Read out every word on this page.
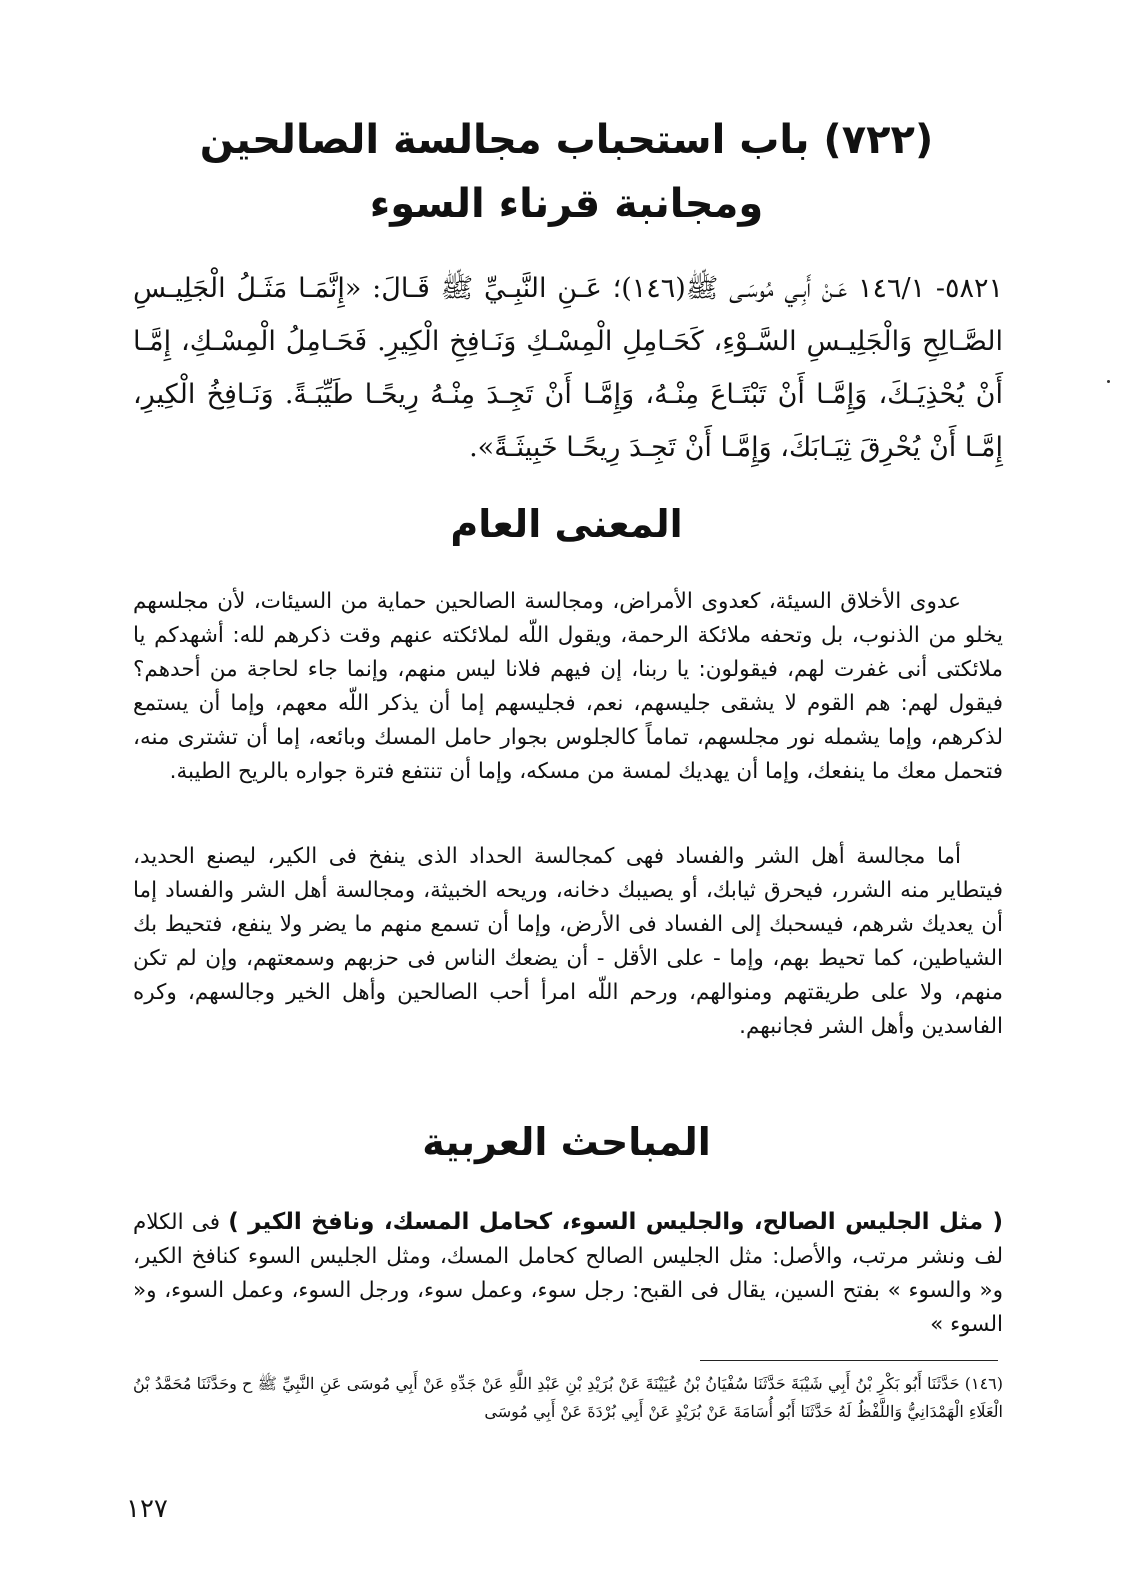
(٧٢٢) باب استحباب مجالسة الصالحين
ومجانبة قرناء السوء
٥٨٢١- ١٤٦/١ عَـنْ أَبِـي مُوسَـى ﷺ(١٤٦)؛ عَـنِ النَّبِـيِّ ﷺ قَـالَ: «إِنَّمَـا مَثَـلُ الْجَلِيـسِ الصَّـالِحِ وَالْجَلِيـسِ السَّـوْءِ، كَحَـامِلِ الْمِسْـكِ وَنَـافِخِ الْكِيرِ. فَحَـامِلُ الْمِسْـكِ، إِمَّـا أَنْ يُحْذِيَـكَ، وَإِمَّـا أَنْ تَبْتَـاعَ مِنْـهُ، وَإِمَّـا أَنْ تَجِـدَ مِنْـهُ رِيحًـا طَيِّبَـةً. وَنَـافِخُ الْكِيرِ، إِمَّـا أَنْ يُحْرِقَ ثِيَـابَكَ، وَإِمَّـا أَنْ تَجِـدَ رِيحًـا خَبِيثَـةً».
المعنى العام
عدوى الأخلاق السيئة، كعدوى الأمراض، ومجالسة الصالحين حماية من السيئات، لأن مجلسهم يخلو من الذنوب، بل وتحفه ملائكة الرحمة، ويقول اللّه لملائكته عنهم وقت ذكرهم لله: أشهدكم يا ملائكتى أنى غفرت لهم، فيقولون: يا ربنا، إن فيهم فلانا ليس منهم، وإنما جاء لحاجة من أحدهم؟ فيقول لهم: هم القوم لا يشقى جليسهم، نعم، فجليسهم إما أن يذكر اللّه معهم، وإما أن يستمع لذكرهم، وإما يشمله نور مجلسهم، تماماً كالجلوس بجوار حامل المسك وبائعه، إما أن تشترى منه، فتحمل معك ما ينفعك، وإما أن يهديك لمسة من مسكه، وإما أن تنتفع فترة جواره بالريح الطيبة.
أما مجالسة أهل الشر والفساد فهى كمجالسة الحداد الذى ينفخ فى الكير، ليصنع الحديد، فيتطاير منه الشرر، فيحرق ثيابك، أو يصيبك دخانه، وريحه الخبيثة، ومجالسة أهل الشر والفساد إما أن يعديك شرهم، فيسحبك إلى الفساد فى الأرض، وإما أن تسمع منهم ما يضر ولا ينفع، فتحيط بك الشياطين، كما تحيط بهم، وإما - على الأقل - أن يضعك الناس فى حزبهم وسمعتهم، وإن لم تكن منهم، ولا على طريقتهم ومنوالهم، ورحم اللّه امرأ أحب الصالحين وأهل الخير وجالسهم، وكره الفاسدين وأهل الشر فجانبهم.
المباحث العربية
( مثل الجليس الصالح، والجليس السوء، كحامل المسك، ونافخ الكير ) فى الكلام لف ونشر مرتب، والأصل: مثل الجليس الصالح كحامل المسك، ومثل الجليس السوء كنافخ الكير، و« والسوء » بفتح السين، يقال فى القبح: رجل سوء، وعمل سوء، ورجل السوء، وعمل السوء، و« السوء »
(١٤٦) حَدَّثَنَا أَبُو بَكْرِ بْنُ أَبِي شَيْبَةَ حَدَّثَنَا سُفْيَانُ بْنُ عُيَيْنَةَ عَنْ بُرَيْدِ بْنِ عَبْدِ اللَّهِ عَنْ جَدِّهِ عَنْ أَبِي مُوسَى عَنِ النَّبِيِّ ﷺ ح وحَدَّثَنَا مُحَمَّدُ بْنُ الْعَلَاءِ الْهَمْدَانِيُّ وَاللَّفْظُ لَهُ حَدَّثَنَا أَبُو أُسَامَةَ عَنْ بُرَيْدٍ عَنْ أَبِي بُرْدَةَ عَنْ أَبِي مُوسَى
١٢٧
